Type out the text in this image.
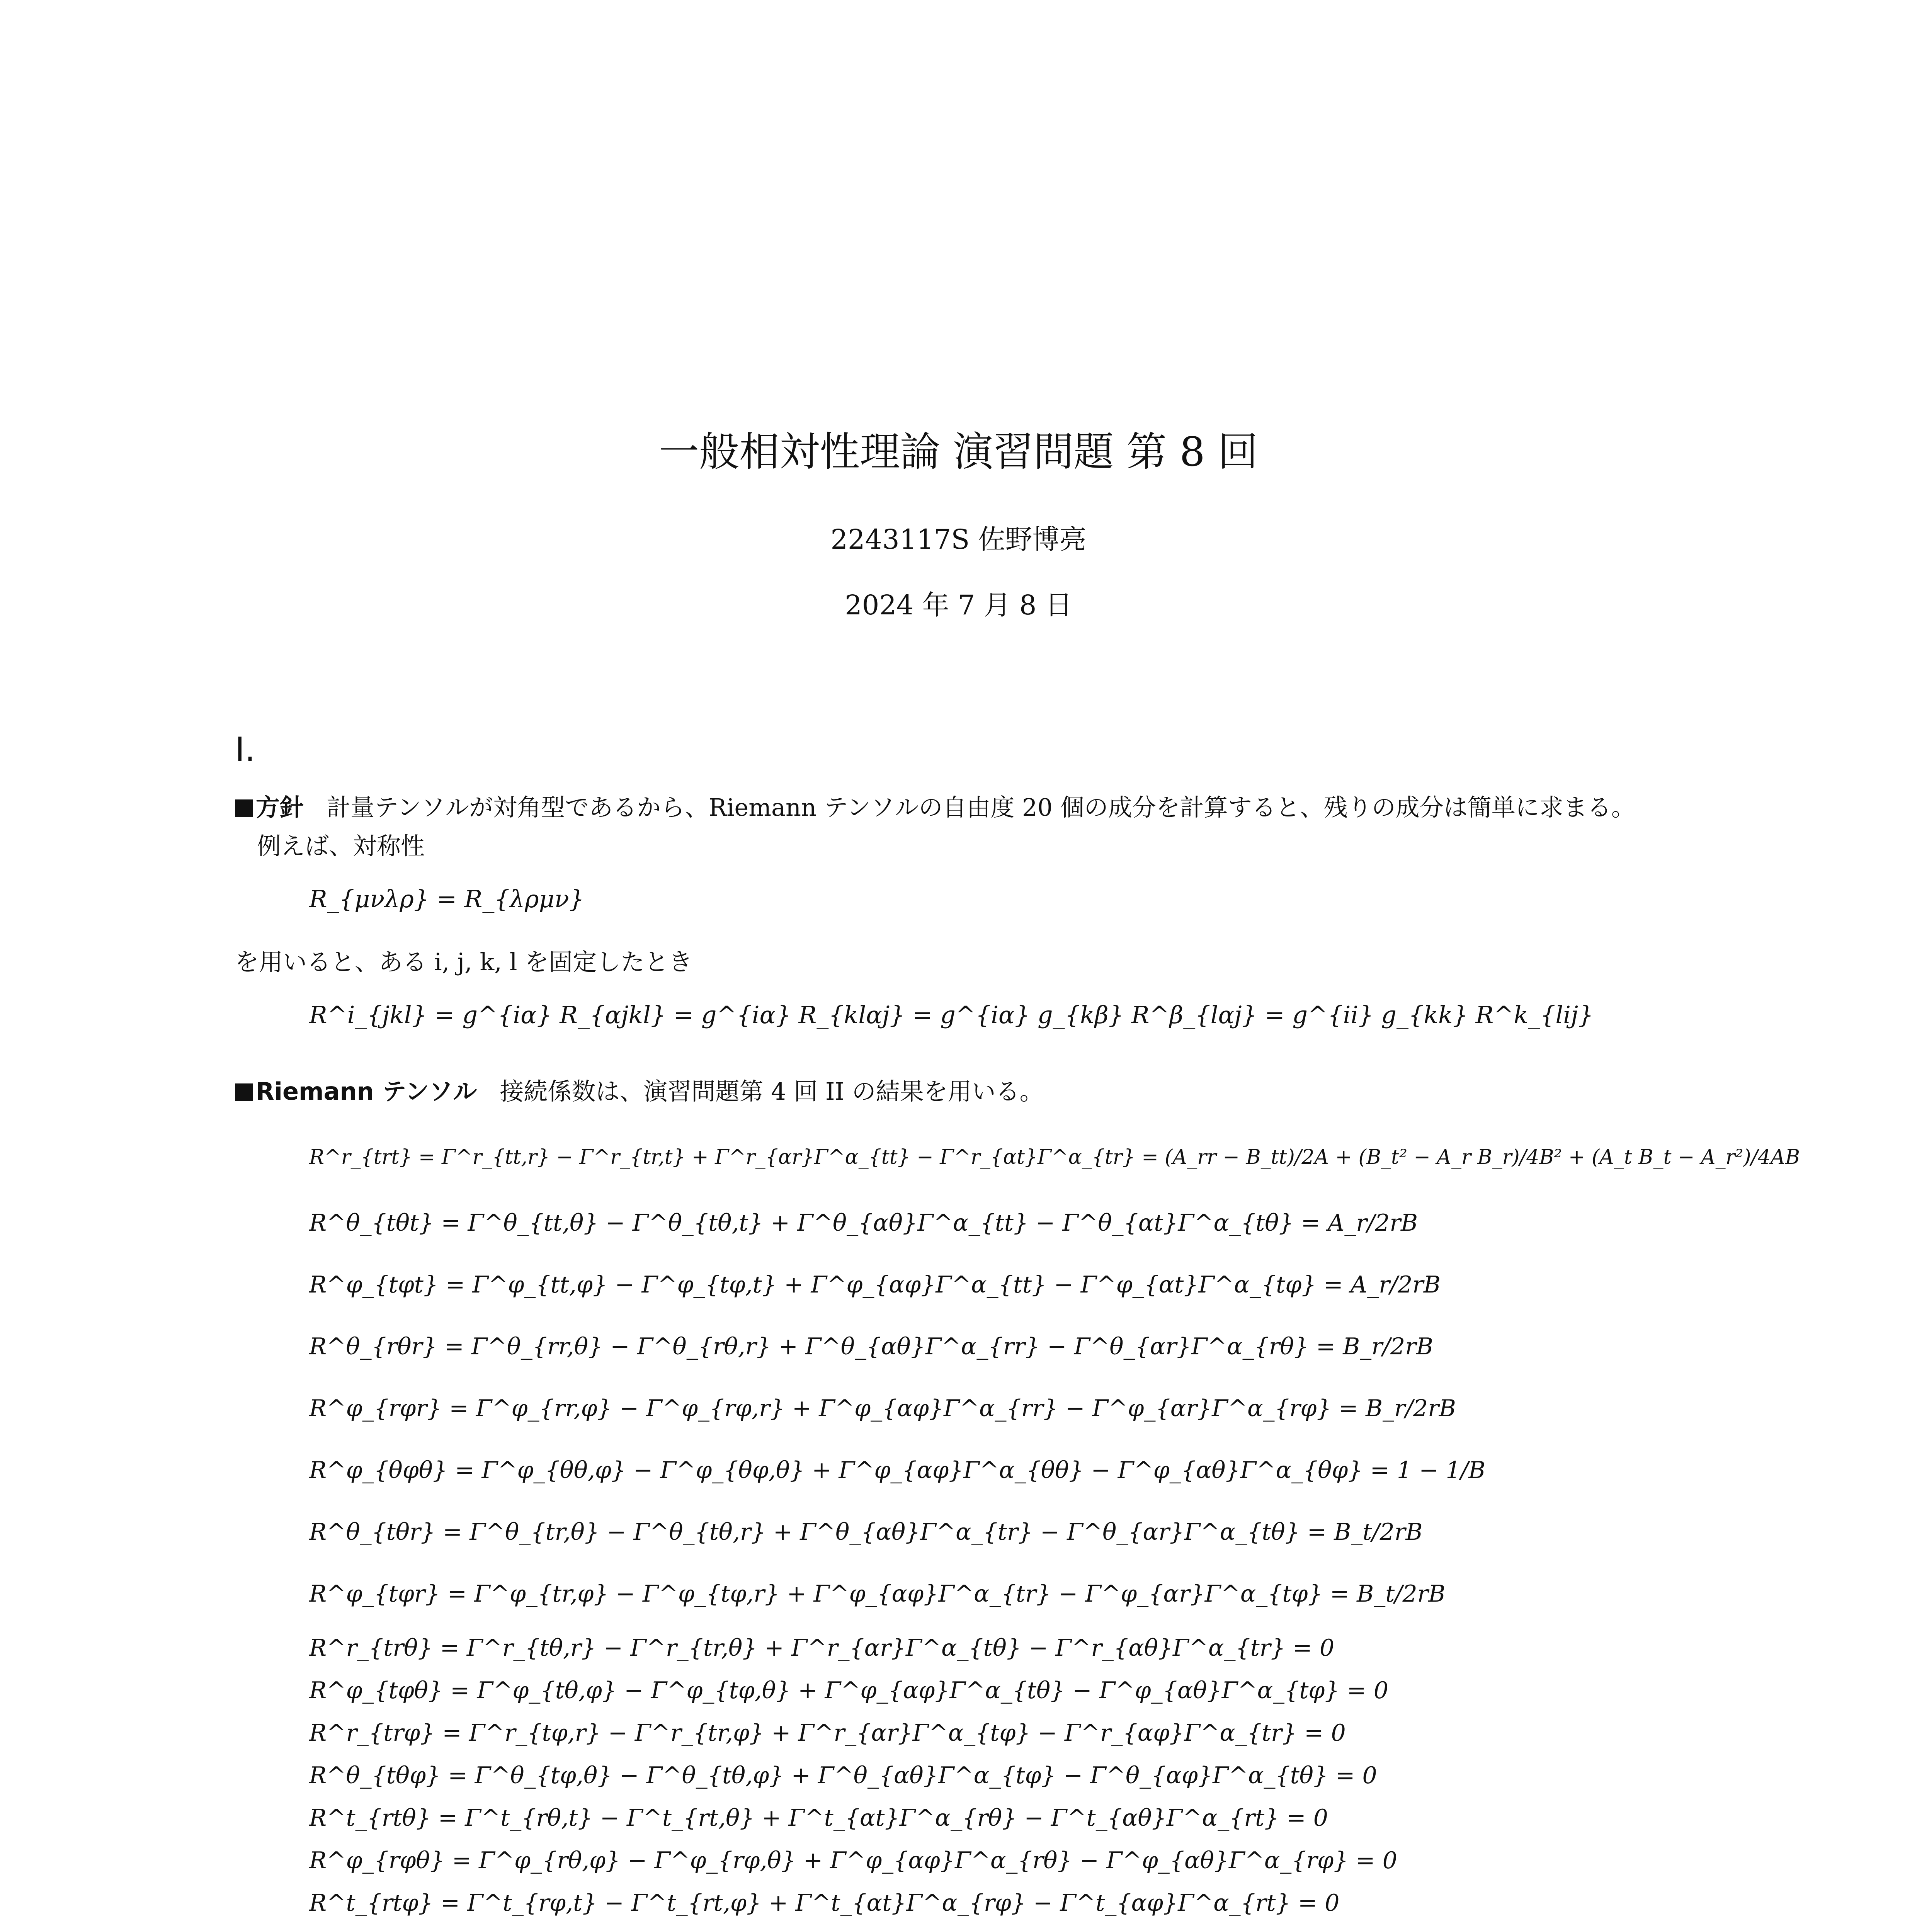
一般相対性理論 演習問題 第 8 回
2243117S 佐野博亮
2024 年 7 月 8 日
I.
方針 計量テンソルが対角型であるから、Riemann テンソルの自由度 20 個の成分を計算すると、残りの成分は簡単に求まる。
例えば、対称性
R_{μνλρ} = R_{λρμν}
を用いると、ある i, j, k, l を固定したとき
R^i_{jkl} = g^{iα} R_{αjkl} = g^{iα} R_{klαj} = g^{iα} g_{kβ} R^β_{lαj} = g^{ii} g_{kk} R^k_{lij}
Riemann テンソル 接続係数は、演習問題第 4 回 II の結果を用いる。
R^r_{trt} = Γ^r_{tt,r} − Γ^r_{tr,t} + Γ^r_{αr}Γ^α_{tt} − Γ^r_{αt}Γ^α_{tr} = (A_rr − B_tt)/2A + (B_t² − A_r B_r)/4B² + (A_t B_t − A_r²)/4AB
R^θ_{tθt} = Γ^θ_{tt,θ} − Γ^θ_{tθ,t} + Γ^θ_{αθ}Γ^α_{tt} − Γ^θ_{αt}Γ^α_{tθ} = A_r/2rB
R^φ_{tφt} = Γ^φ_{tt,φ} − Γ^φ_{tφ,t} + Γ^φ_{αφ}Γ^α_{tt} − Γ^φ_{αt}Γ^α_{tφ} = A_r/2rB
R^θ_{rθr} = Γ^θ_{rr,θ} − Γ^θ_{rθ,r} + Γ^θ_{αθ}Γ^α_{rr} − Γ^θ_{αr}Γ^α_{rθ} = B_r/2rB
R^φ_{rφr} = Γ^φ_{rr,φ} − Γ^φ_{rφ,r} + Γ^φ_{αφ}Γ^α_{rr} − Γ^φ_{αr}Γ^α_{rφ} = B_r/2rB
R^φ_{θφθ} = Γ^φ_{θθ,φ} − Γ^φ_{θφ,θ} + Γ^φ_{αφ}Γ^α_{θθ} − Γ^φ_{αθ}Γ^α_{θφ} = 1 − 1/B
R^θ_{tθr} = Γ^θ_{tr,θ} − Γ^θ_{tθ,r} + Γ^θ_{αθ}Γ^α_{tr} − Γ^θ_{αr}Γ^α_{tθ} = B_t/2rB
R^φ_{tφr} = Γ^φ_{tr,φ} − Γ^φ_{tφ,r} + Γ^φ_{αφ}Γ^α_{tr} − Γ^φ_{αr}Γ^α_{tφ} = B_t/2rB
R^r_{trθ} = Γ^r_{tθ,r} − Γ^r_{tr,θ} + Γ^r_{αr}Γ^α_{tθ} − Γ^r_{αθ}Γ^α_{tr} = 0
R^φ_{tφθ} = Γ^φ_{tθ,φ} − Γ^φ_{tφ,θ} + Γ^φ_{αφ}Γ^α_{tθ} − Γ^φ_{αθ}Γ^α_{tφ} = 0
R^r_{trφ} = Γ^r_{tφ,r} − Γ^r_{tr,φ} + Γ^r_{αr}Γ^α_{tφ} − Γ^r_{αφ}Γ^α_{tr} = 0
R^θ_{tθφ} = Γ^θ_{tφ,θ} − Γ^θ_{tθ,φ} + Γ^θ_{αθ}Γ^α_{tφ} − Γ^θ_{αφ}Γ^α_{tθ} = 0
R^t_{rtθ} = Γ^t_{rθ,t} − Γ^t_{rt,θ} + Γ^t_{αt}Γ^α_{rθ} − Γ^t_{αθ}Γ^α_{rt} = 0
R^φ_{rφθ} = Γ^φ_{rθ,φ} − Γ^φ_{rφ,θ} + Γ^φ_{αφ}Γ^α_{rθ} − Γ^φ_{αθ}Γ^α_{rφ} = 0
R^t_{rtφ} = Γ^t_{rφ,t} − Γ^t_{rt,φ} + Γ^t_{αt}Γ^α_{rφ} − Γ^t_{αφ}Γ^α_{rt} = 0
